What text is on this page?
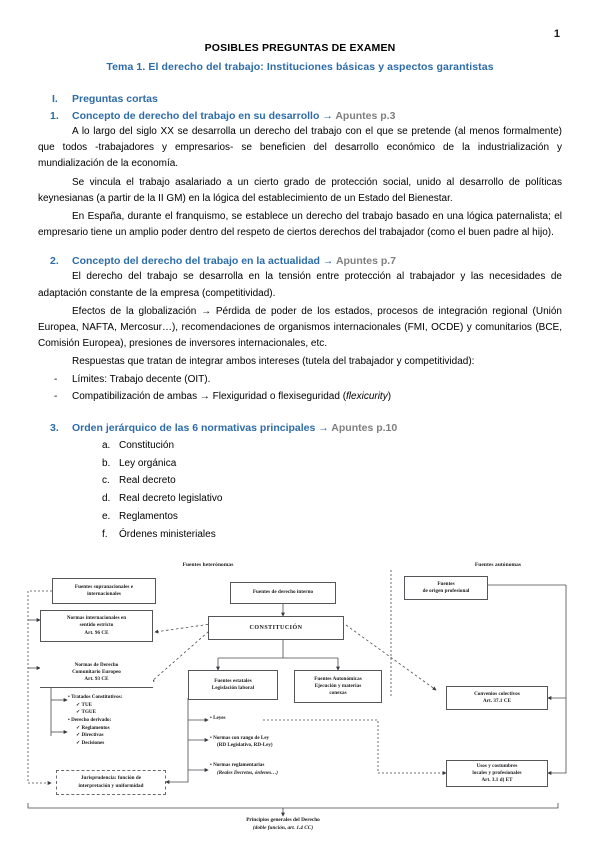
1
POSIBLES PREGUNTAS DE EXAMEN
Tema 1. El derecho del trabajo: Instituciones básicas y aspectos garantistas
I.	Preguntas cortas
1.	Concepto de derecho del trabajo en su desarrollo → Apuntes p.3

A lo largo del siglo XX se desarrolla un derecho del trabajo con el que se pretende (al menos formalmente) que todos -trabajadores y empresarios- se beneficien del desarrollo económico de la industrialización y mundialización de la economía.

Se vincula el trabajo asalariado a un cierto grado de protección social, unido al desarrollo de políticas keynesianas (a partir de la II GM) en la lógica del establecimiento de un Estado del Bienestar.

En España, durante el franquismo, se establece un derecho del trabajo basado en una lógica paternalista; el empresario tiene un amplio poder dentro del respeto de ciertos derechos del trabajador (como el buen padre al hijo).

2.	Concepto del derecho del trabajo en la actualidad → Apuntes p.7

El derecho del trabajo se desarrolla en la tensión entre protección al trabajador y las necesidades de adaptación constante de la empresa (competitividad).

Efectos de la globalización → Pérdida de poder de los estados, procesos de integración regional (Unión Europea, NAFTA, Mercosur…), recomendaciones de organismos internacionales (FMI, OCDE) y comunitarios (BCE, Comisión Europea), presiones de inversores internacionales, etc.

Respuestas que tratan de integrar ambos intereses (tutela del trabajador y competitividad):

-	Límites: Trabajo decente (OIT).
-	Compatibilización de ambas → Flexiguridad o flexiseguridad (flexicurity)
3.	Orden jerárquico de las 6 normativas principales → Apuntes p.10
a. Constitución
b. Ley orgánica
c. Real decreto
d. Real decreto legislativo
e. Reglamentos
f.	Órdenes ministeriales
Fuentes heterónomas	Fuentes autónomas
Fuentes supranacionales e
internacionales
Normas internacionales en
sentido estricto
Art. 96 CE
Normas de Derecho
Comunitario Europeo
Art. 93 CE
• Tratados Constitutivos:
✓ TUE
✓ TGUE
• Derecho derivado:
✓ Reglamentos
✓ Directivas
✓ Decisiones
Jurisprudencia: función de
interpretación y uniformidad
Fuentes de derecho interno
CONSTITUCIÓN
Fuentes estatales
Legislación laboral
Fuentes Autonómicas
Ejecución y materias
conexas
• Leyes
• Normas con rango de Ley
(RD Legislativo, RD-Ley)
• Normas reglamentarias
(Reales Decretos, órdenes…)
Fuentes
de origen profesional
Convenios colectivos
Art. 37.1 CE
Usos y costumbres
locales y profesionales
Art. 3.1 d) ET
Principios generales del Derecho
(doble función, art. 1.4 CC)
